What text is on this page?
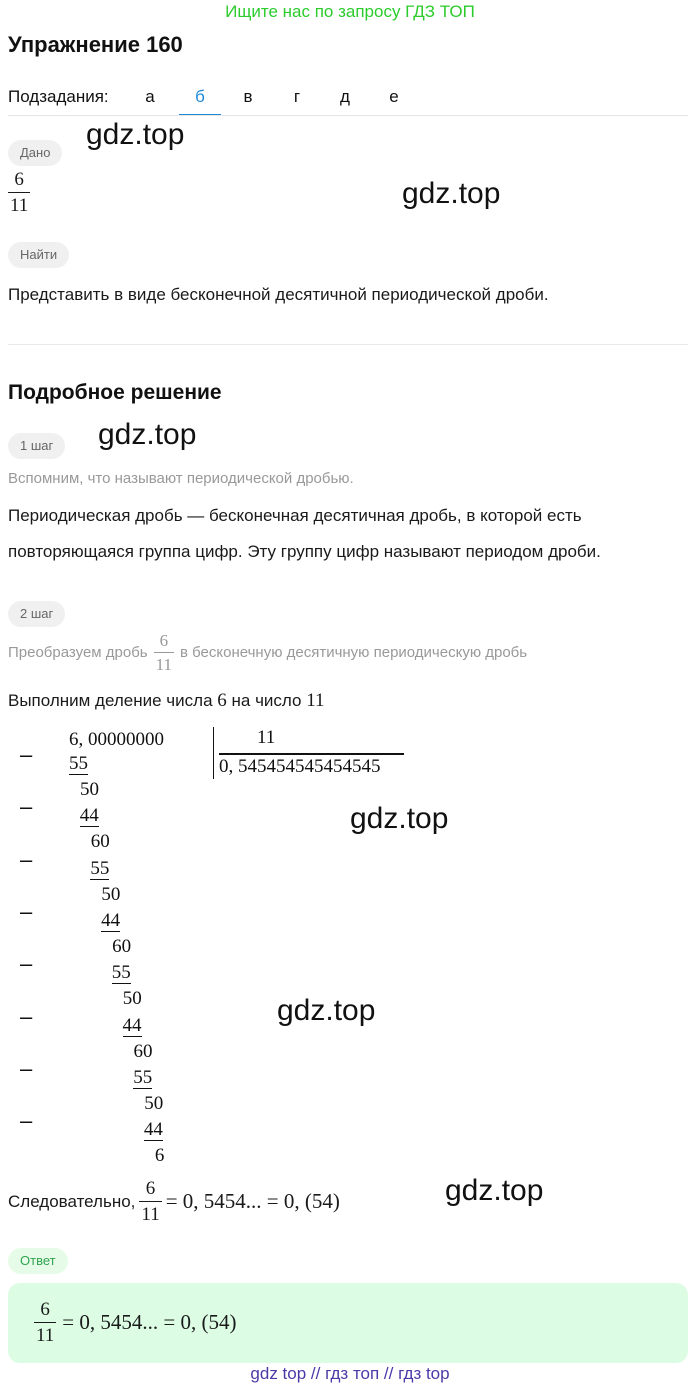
Ищите нас по запросу ГДЗ ТОП
Упражнение 160
Подзадания:	а	б	в	г	д	е
gdz.top
gdz.top
gdz.top
gdz.top
gdz.top
gdz.top
Дано
$\frac{6}{11}$
Найти
Представить в виде бесконечной десятичной периодической дроби.
Подробное решение
1 шаг
Вспомним, что называют периодической дробью.
Периодическая дробь — бесконечная десятичная дробь, в которой есть
повторяющаяся группа цифр. Эту группу цифр называют периодом дроби.
2 шаг
Преобразуем дробь $\frac{6}{11}$ в бесконечную десятичную периодическую дробь
Выполним деление числа 6 на число 11
6, 00000000	11
0, 545454545454545
– 55
50
– 44
60
–	55
50
–	44
60
–	55
50
–	44
60
–	55
50
–	44
6
Следовательно, $\frac{6}{11} = 0$, 5454... = 0, (54)
Ответ
$\frac{6}{11} = 0$, 5454... = 0, (54)
gdz top // гдз топ // гдз top
